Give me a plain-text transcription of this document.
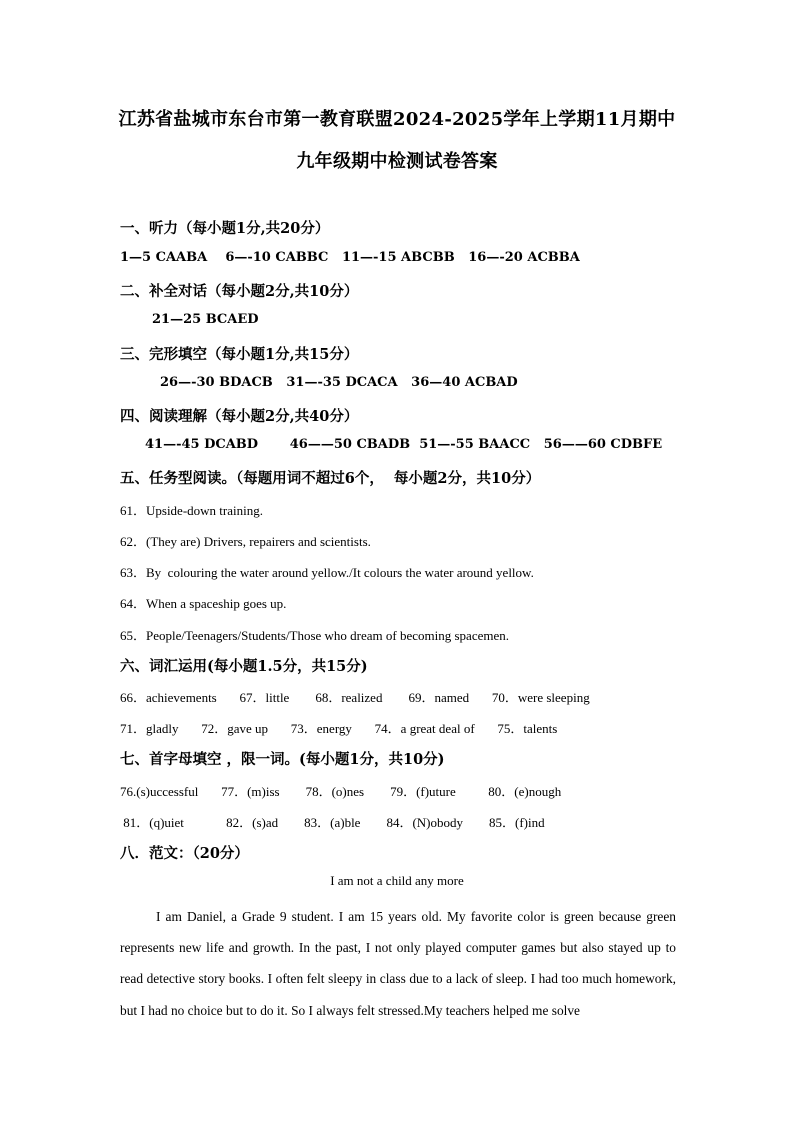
江苏省盐城市东台市第一教育联盟2024-2025学年上学期11月期中
九年级期中检测试卷答案
一、听力（每小题1分,共20分）
1—5 CAABA    6—-10 CABBC   11—-15 ABCBB   16—-20 ACBBA
二、补全对话（每小题2分,共10分）
21—25 BCAED
三、完形填空（每小题1分,共15分）
26—-30 BDACB   31—-35 DCACA   36—40 ACBAD
四、阅读理解（每小题2分,共40分）
41—-45 DCABD       46——50 CBADB  51—-55 BAACC   56——60 CDBFE
五、任务型阅读。（每题用词不超过6个，  每小题2分，共10分）
61．Upside-down training.
62．(They are) Drivers, repairers and scientists.
63．By  colouring the water around yellow./It colours the water around yellow.
64．When a spaceship goes up.
65．People/Teenagers/Students/Those who dream of becoming spacemen.
六、词汇运用(每小题1.5分，共15分)
66．achievements       67．little        68．realized        69．named       70．were sleeping
71．gladly       72．gave up       73．energy       74．a great deal of       75．talents
七、首字母填空 ，限一词。(每小题1分，共10分)
76.(s)uccessful       77．(m)iss        78．(o)nes        79．(f)uture          80．(e)nough
81．(q)uiet             82．(s)ad        83．(a)ble        84．(N)obody        85．(f)ind
八．范文：（20分）
I am not a child any more
I am Daniel, a Grade 9 student. I am 15 years old. My favorite color is green because green represents new life and growth. In the past, I not only played computer games but also stayed up to read detective story books. I often felt sleepy in class due to a lack of sleep. I had too much homework, but I had no choice but to do it. So I always felt stressed.My teachers helped me solve
